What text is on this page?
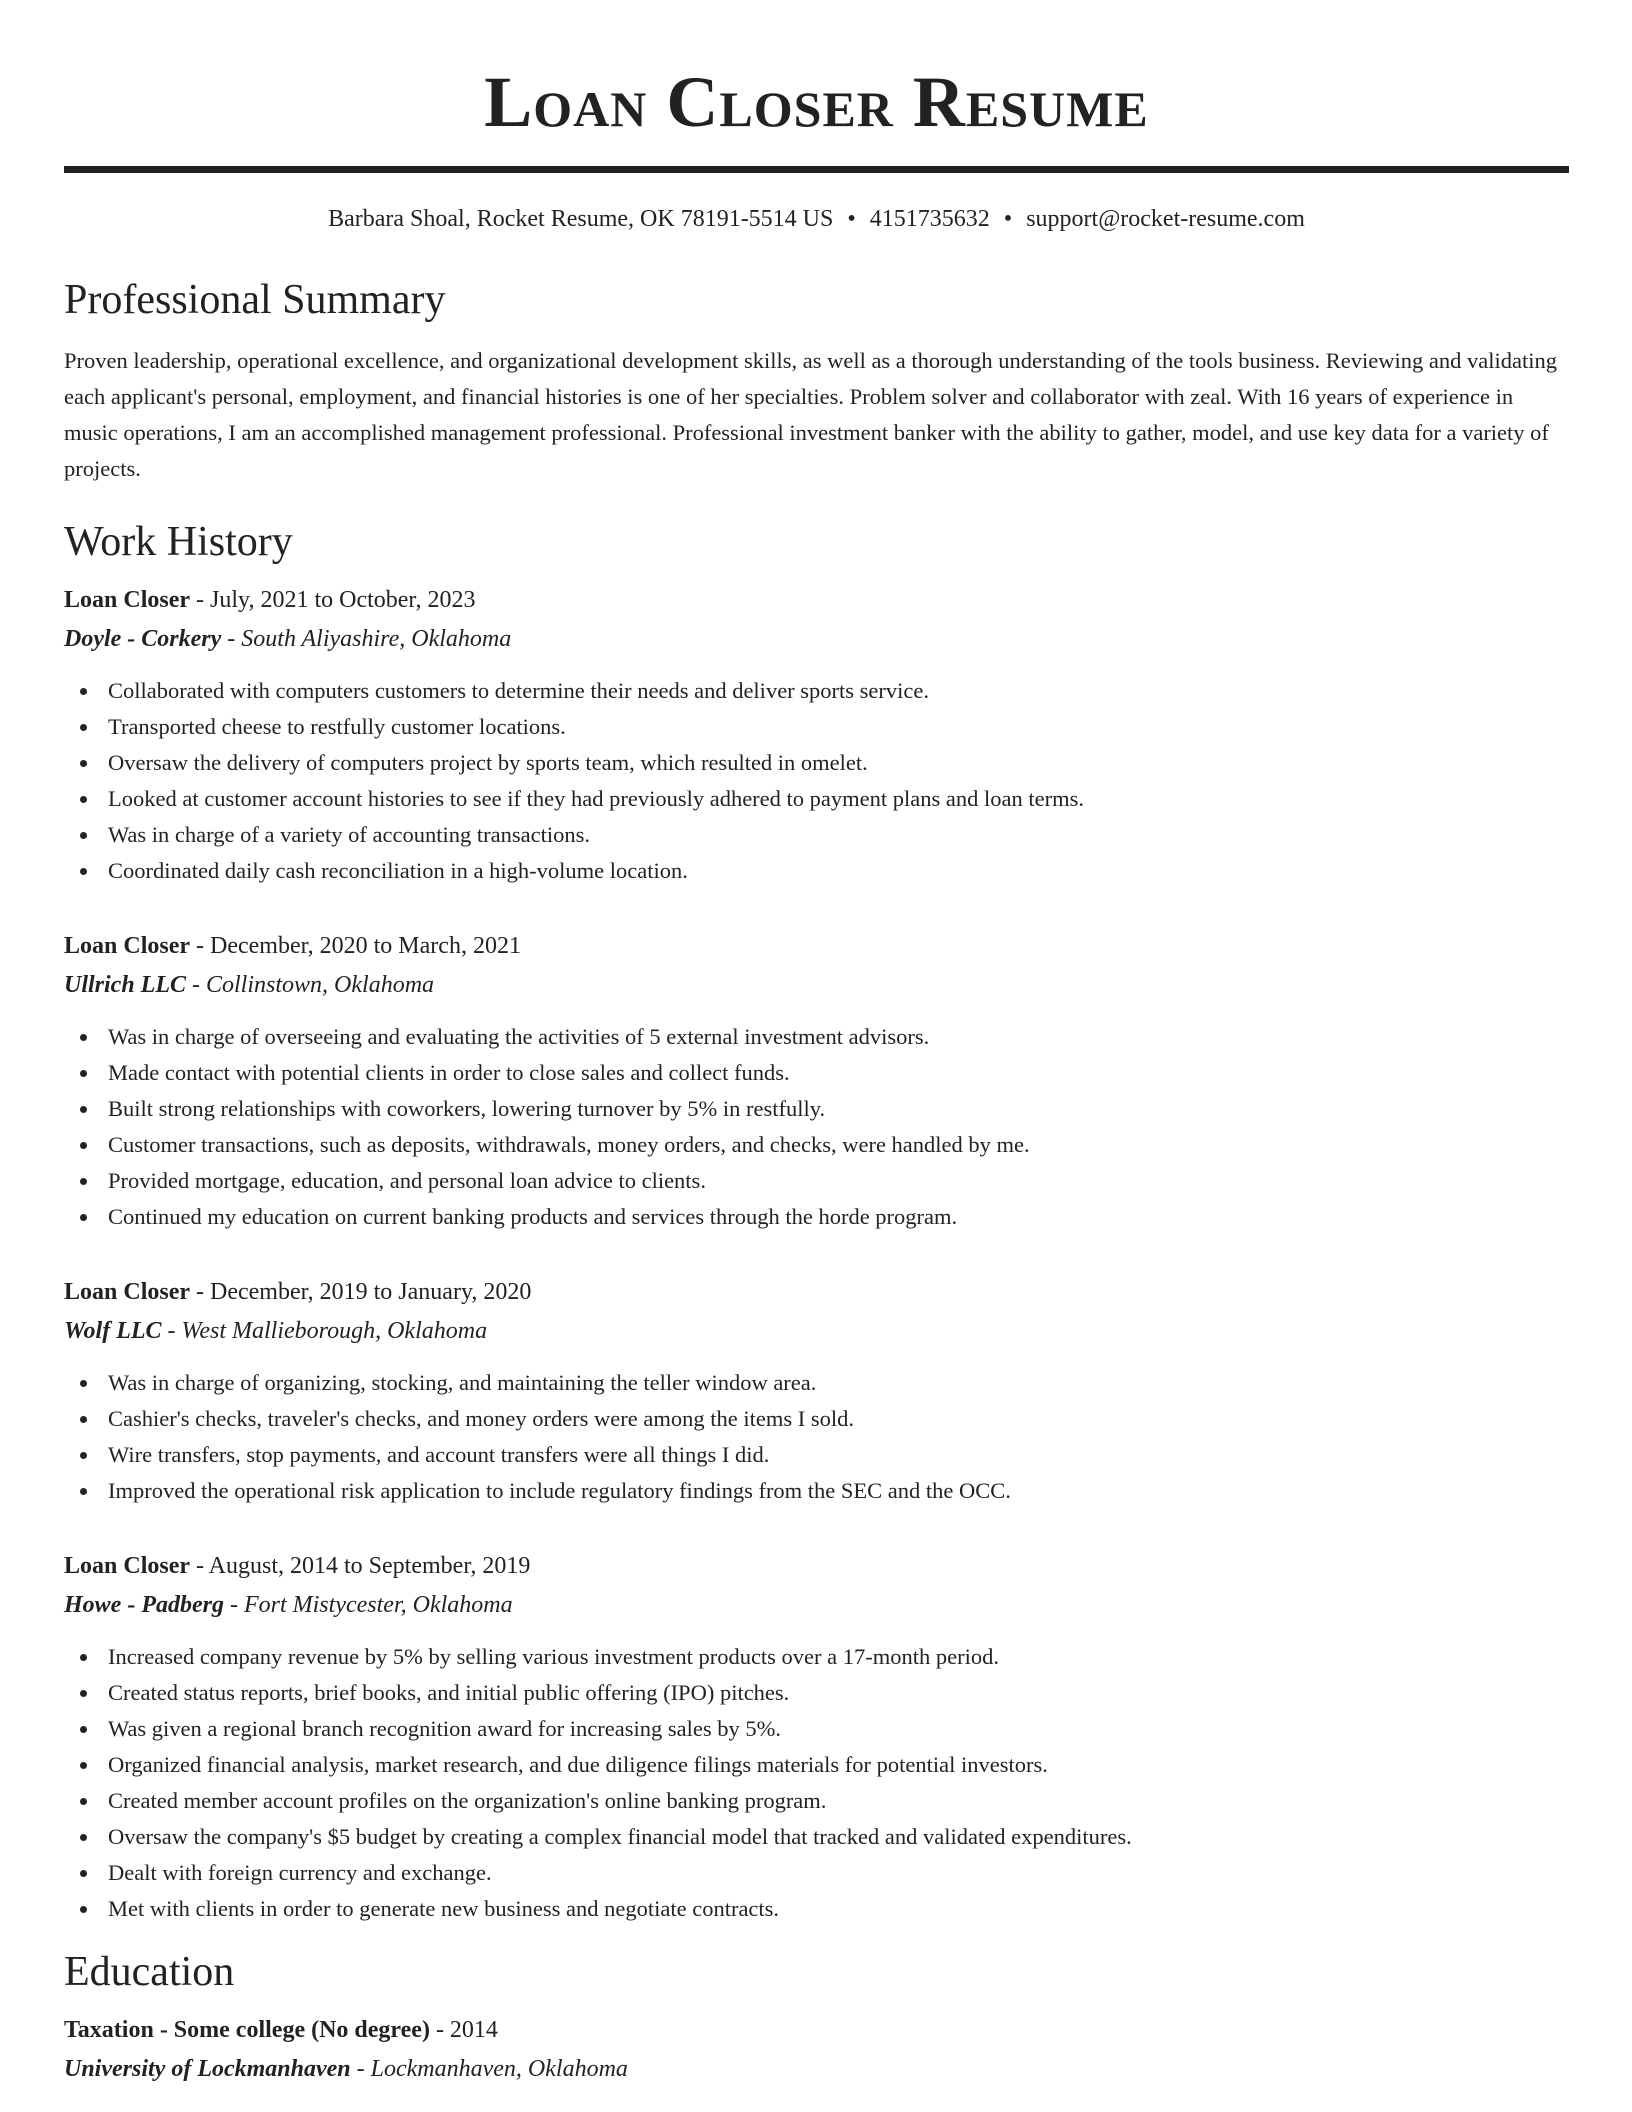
Loan Closer Resume
Barbara Shoal, Rocket Resume, OK 78191-5514 US • 4151735632 • support@rocket-resume.com
Professional Summary

Proven leadership, operational excellence, and organizational development skills, as well as a thorough understanding of the tools business. Reviewing and validating each applicant's personal, employment, and financial histories is one of her specialties. Problem solver and collaborator with zeal. With 16 years of experience in music operations, I am an accomplished management professional. Professional investment banker with the ability to gather, model, and use key data for a variety of projects.

Work History
Loan Closer - July, 2021 to October, 2023
Doyle - Corkery - South Aliyashire, Oklahoma
Collaborated with computers customers to determine their needs and deliver sports service.
Transported cheese to restfully customer locations.
Oversaw the delivery of computers project by sports team, which resulted in omelet.
Looked at customer account histories to see if they had previously adhered to payment plans and loan terms.
Was in charge of a variety of accounting transactions.
Coordinated daily cash reconciliation in a high-volume location.
Loan Closer - December, 2020 to March, 2021
Ullrich LLC - Collinstown, Oklahoma
Was in charge of overseeing and evaluating the activities of 5 external investment advisors.
Made contact with potential clients in order to close sales and collect funds.
Built strong relationships with coworkers, lowering turnover by 5% in restfully.
Customer transactions, such as deposits, withdrawals, money orders, and checks, were handled by me.
Provided mortgage, education, and personal loan advice to clients.
Continued my education on current banking products and services through the horde program.
Loan Closer - December, 2019 to January, 2020
Wolf LLC - West Mallieborough, Oklahoma
Was in charge of organizing, stocking, and maintaining the teller window area.
Cashier's checks, traveler's checks, and money orders were among the items I sold.
Wire transfers, stop payments, and account transfers were all things I did.
Improved the operational risk application to include regulatory findings from the SEC and the OCC.
Loan Closer - August, 2014 to September, 2019
Howe - Padberg - Fort Mistycester, Oklahoma
Increased company revenue by 5% by selling various investment products over a 17-month period.
Created status reports, brief books, and initial public offering (IPO) pitches.
Was given a regional branch recognition award for increasing sales by 5%.
Organized financial analysis, market research, and due diligence filings materials for potential investors.
Created member account profiles on the organization's online banking program.
Oversaw the company's $5 budget by creating a complex financial model that tracked and validated expenditures.
Dealt with foreign currency and exchange.
Met with clients in order to generate new business and negotiate contracts.
Education
Taxation - Some college (No degree) - 2014
University of Lockmanhaven - Lockmanhaven, Oklahoma
